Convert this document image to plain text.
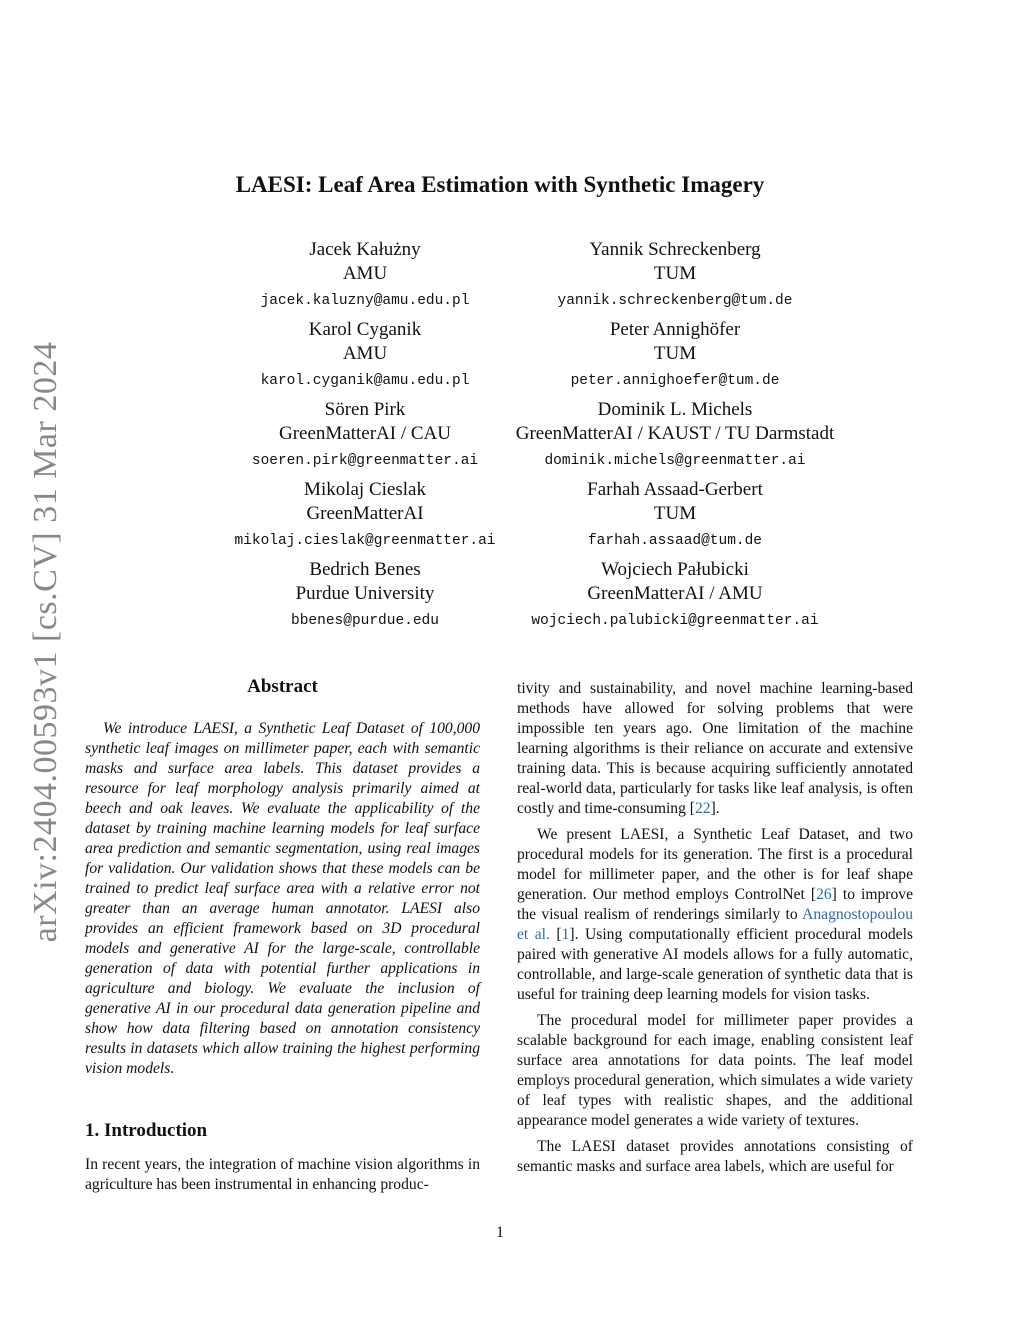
arXiv:2404.00593v1 [cs.CV] 31 Mar 2024
LAESI: Leaf Area Estimation with Synthetic Imagery
Jacek Kałużny
AMU
jacek.kaluzny@amu.edu.pl
Yannik Schreckenberg
TUM
yannik.schreckenberg@tum.de
Karol Cyganik
AMU
karol.cyganik@amu.edu.pl
Peter Annighöfer
TUM
peter.annighoefer@tum.de
Sören Pirk
GreenMatterAI / CAU
soeren.pirk@greenmatter.ai
Dominik L. Michels
GreenMatterAI / KAUST / TU Darmstadt
dominik.michels@greenmatter.ai
Mikolaj Cieslak
GreenMatterAI
mikolaj.cieslak@greenmatter.ai
Farhah Assaad-Gerbert
TUM
farhah.assaad@tum.de
Bedrich Benes
Purdue University
bbenes@purdue.edu
Wojciech Pałubicki
GreenMatterAI / AMU
wojciech.palubicki@greenmatter.ai
Abstract

We introduce LAESI, a Synthetic Leaf Dataset of 100,000 synthetic leaf images on millimeter paper, each with semantic masks and surface area labels. This dataset provides a resource for leaf morphology analysis primarily aimed at beech and oak leaves. We evaluate the applicability of the dataset by training machine learning models for leaf surface area prediction and semantic segmentation, using real images for validation. Our validation shows that these models can be trained to predict leaf surface area with a relative error not greater than an average human annotator. LAESI also provides an efficient framework based on 3D procedural models and generative AI for the large-scale, controllable generation of data with potential further applications in agriculture and biology. We evaluate the inclusion of generative AI in our procedural data generation pipeline and show how data filtering based on annotation consistency results in datasets which allow training the highest performing vision models.

1. Introduction

In recent years, the integration of machine vision algorithms in agriculture has been instrumental in enhancing produc-

tivity and sustainability, and novel machine learning-based methods have allowed for solving problems that were impossible ten years ago. One limitation of the machine learning algorithms is their reliance on accurate and extensive training data. This is because acquiring sufficiently annotated real-world data, particularly for tasks like leaf analysis, is often costly and time-consuming [22].

We present LAESI, a Synthetic Leaf Dataset, and two procedural models for its generation. The first is a procedural model for millimeter paper, and the other is for leaf shape generation. Our method employs ControlNet [26] to improve the visual realism of renderings similarly to Anagnostopoulou et al. [1]. Using computationally efficient procedural models paired with generative AI models allows for a fully automatic, controllable, and large-scale generation of synthetic data that is useful for training deep learning models for vision tasks.

The procedural model for millimeter paper provides a scalable background for each image, enabling consistent leaf surface area annotations for data points. The leaf model employs procedural generation, which simulates a wide variety of leaf types with realistic shapes, and the additional appearance model generates a wide variety of textures.

The LAESI dataset provides annotations consisting of semantic masks and surface area labels, which are useful for

1
